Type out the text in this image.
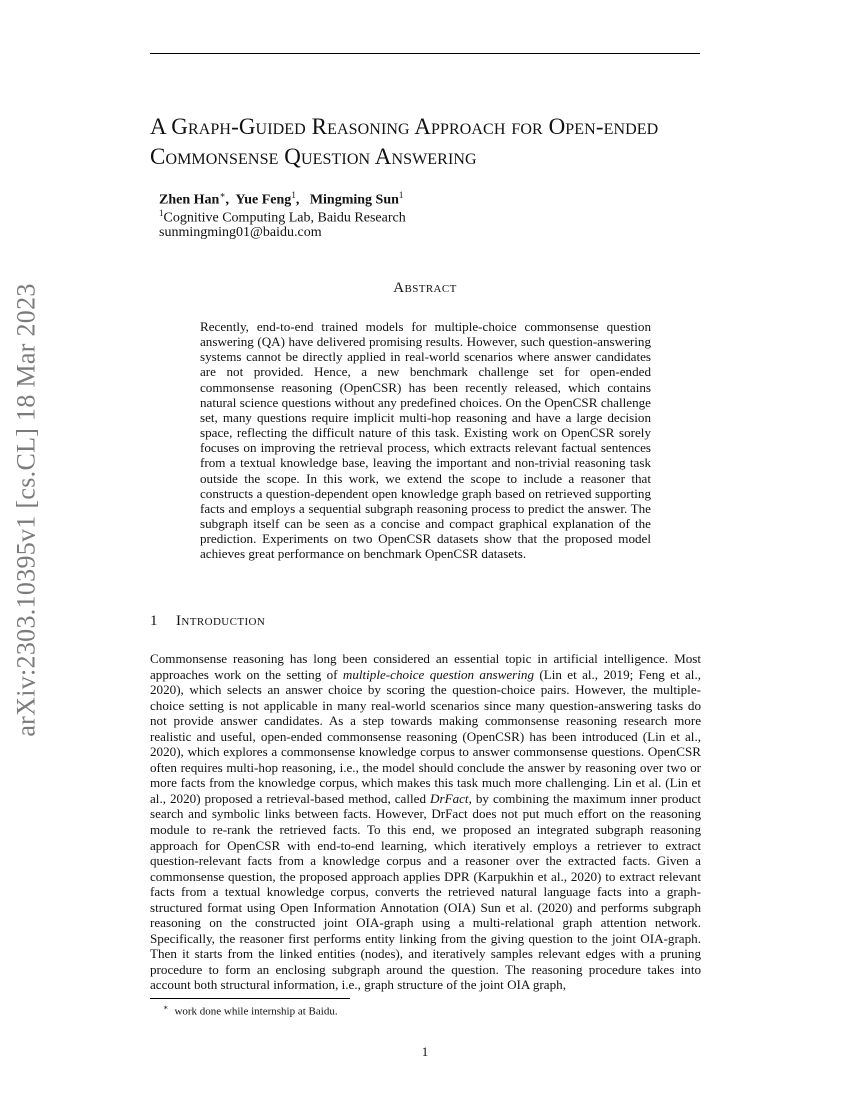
arXiv:2303.10395v1 [cs.CL] 18 Mar 2023
A Graph-Guided Reasoning Approach for Open-ended Commonsense Question Answering
Zhen Han∗,  Yue Feng$^1$,   Mingming Sun$^1$
$^1$Cognitive Computing Lab, Baidu Research
sunmingming01@baidu.com
Abstract

Recently, end-to-end trained models for multiple-choice commonsense question answering (QA) have delivered promising results. However, such question-answering systems cannot be directly applied in real-world scenarios where answer candidates are not provided. Hence, a new benchmark challenge set for open-ended commonsense reasoning (OpenCSR) has been recently released, which contains natural science questions without any predefined choices. On the OpenCSR challenge set, many questions require implicit multi-hop reasoning and have a large decision space, reflecting the difficult nature of this task. Existing work on OpenCSR sorely focuses on improving the retrieval process, which extracts relevant factual sentences from a textual knowledge base, leaving the important and non-trivial reasoning task outside the scope. In this work, we extend the scope to include a reasoner that constructs a question-dependent open knowledge graph based on retrieved supporting facts and employs a sequential subgraph reasoning process to predict the answer. The subgraph itself can be seen as a concise and compact graphical explanation of the prediction. Experiments on two OpenCSR datasets show that the proposed model achieves great performance on benchmark OpenCSR datasets.

1 Introduction

Commonsense reasoning has long been considered an essential topic in artificial intelligence. Most approaches work on the setting of multiple-choice question answering (Lin et al., 2019; Feng et al., 2020), which selects an answer choice by scoring the question-choice pairs. However, the multiple-choice setting is not applicable in many real-world scenarios since many question-answering tasks do not provide answer candidates. As a step towards making commonsense reasoning research more realistic and useful, open-ended commonsense reasoning (OpenCSR) has been introduced (Lin et al., 2020), which explores a commonsense knowledge corpus to answer commonsense questions. OpenCSR often requires multi-hop reasoning, i.e., the model should conclude the answer by reasoning over two or more facts from the knowledge corpus, which makes this task much more challenging. Lin et al. (Lin et al., 2020) proposed a retrieval-based method, called DrFact, by combining the maximum inner product search and symbolic links between facts. However, DrFact does not put much effort on the reasoning module to re-rank the retrieved facts. To this end, we proposed an integrated subgraph reasoning approach for OpenCSR with end-to-end learning, which iteratively employs a retriever to extract question-relevant facts from a knowledge corpus and a reasoner over the extracted facts. Given a commonsense question, the proposed approach applies DPR (Karpukhin et al., 2020) to extract relevant facts from a textual knowledge corpus, converts the retrieved natural language facts into a graph-structured format using Open Information Annotation (OIA) Sun et al. (2020) and performs subgraph reasoning on the constructed joint OIA-graph using a multi-relational graph attention network. Specifically, the reasoner first performs entity linking from the giving question to the joint OIA-graph. Then it starts from the linked entities (nodes), and iteratively samples relevant edges with a pruning procedure to form an enclosing subgraph around the question. The reasoning procedure takes into account both structural information, i.e., graph structure of the joint OIA graph,

∗ work done while internship at Baidu.
1
